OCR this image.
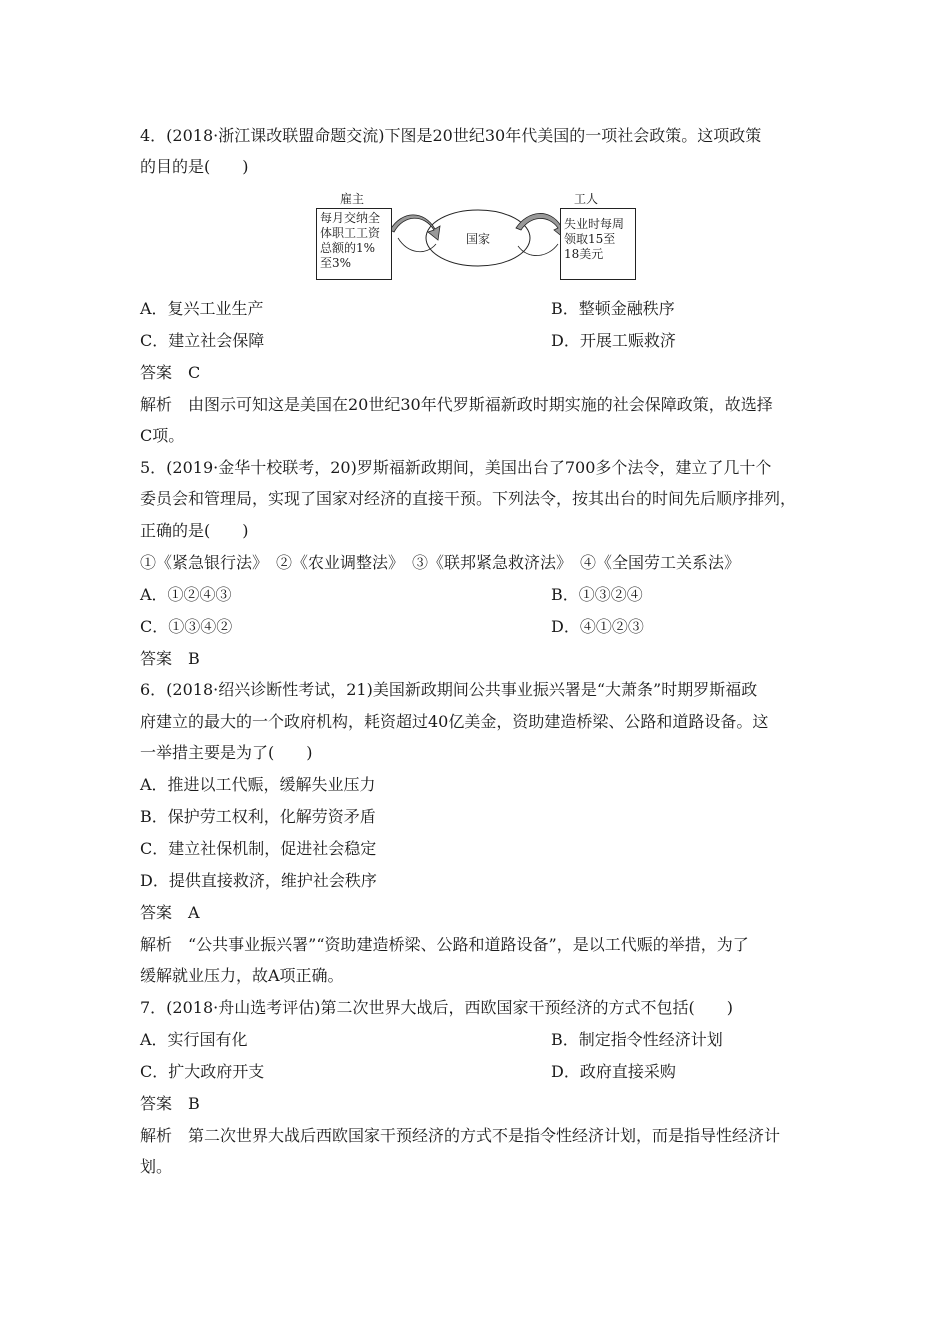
4．(2018·浙江课改联盟命题交流)下图是20世纪30年代美国的一项社会政策。这项政策
的目的是(　　)
雇主	工人
每月交纳全
体职工工资
总额的1%
至3%
国家
失业时每周
领取15至
18美元
A．复兴工业生产	B．整顿金融秩序
C．建立社会保障	D．开展工赈救济
答案　C
解析　由图示可知这是美国在20世纪30年代罗斯福新政时期实施的社会保障政策，故选择
C项。
5．(2019·金华十校联考，20)罗斯福新政期间，美国出台了700多个法令，建立了几十个
委员会和管理局，实现了国家对经济的直接干预。下列法令，按其出台的时间先后顺序排列，
正确的是(　　)
①《紧急银行法》　②《农业调整法》　③《联邦紧急救济法》　④《全国劳工关系法》
A．①②④③	B．①③②④
C．①③④②	D．④①②③
答案　B
6．(2018·绍兴诊断性考试，21)美国新政期间公共事业振兴署是“大萧条”时期罗斯福政
府建立的最大的一个政府机构，耗资超过40亿美金，资助建造桥梁、公路和道路设备。这
一举措主要是为了(　　)
A．推进以工代赈，缓解失业压力
B．保护劳工权利，化解劳资矛盾
C．建立社保机制，促进社会稳定
D．提供直接救济，维护社会秩序
答案　A
解析　“公共事业振兴署”“资助建造桥梁、公路和道路设备”，是以工代赈的举措，为了
缓解就业压力，故A项正确。
7．(2018·舟山选考评估)第二次世界大战后，西欧国家干预经济的方式不包括(　　)
A．实行国有化	B．制定指令性经济计划
C．扩大政府开支	D．政府直接采购
答案　B
解析　第二次世界大战后西欧国家干预经济的方式不是指令性经济计划，而是指导性经济计
划。
